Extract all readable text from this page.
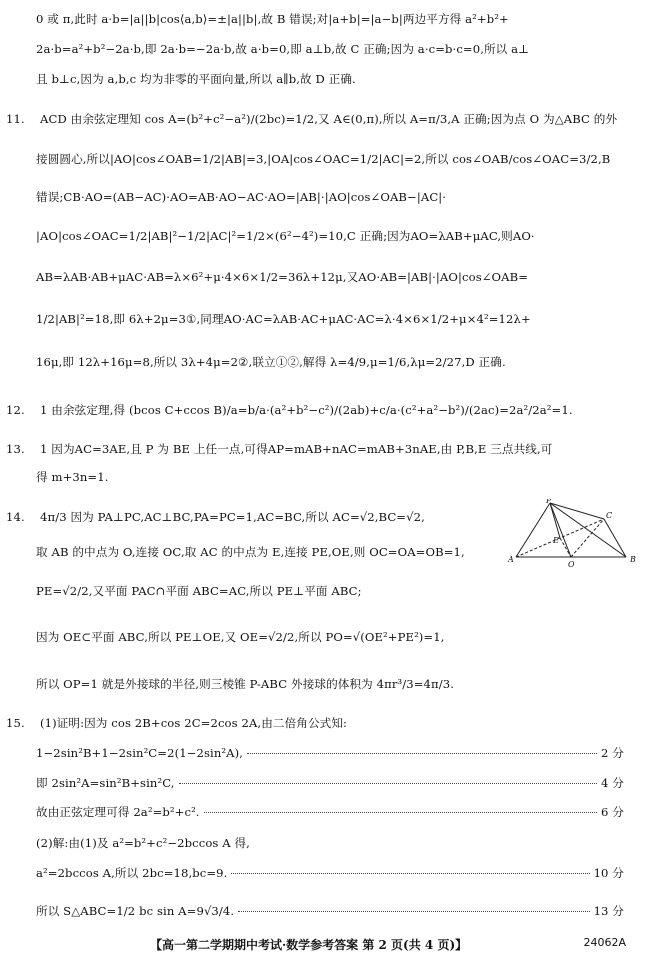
0 或 π,此时 a·b=|a||b|cos⟨a,b⟩=±|a||b|,故 B 错误;对|a+b|=|a−b|两边平方得 a²+b²+
2a·b=a²+b²−2a·b,即 2a·b=−2a·b,故 a·b=0,即 a⊥b,故 C 正确;因为 a·c=b·c=0,所以 a⊥
且 b⊥c,因为 a,b,c 均为非零的平面向量,所以 a∥b,故 D 正确.
11. ACD 由余弦定理知 cos A=(b²+c²−a²)/(2bc)=1/2,又 A∈(0,π),所以 A=π/3,A 正确;因为点 O 为△ABC 的外
接圆圆心,所以|AO|cos∠OAB=1/2|AB|=3,|OA|cos∠OAC=1/2|AC|=2,所以 cos∠OAB/cos∠OAC=3/2,B
错误;CB·AO=(AB−AC)·AO=AB·AO−AC·AO=|AB|·|AO|cos∠OAB−|AC|·
|AO|cos∠OAC=1/2|AB|²−1/2|AC|²=1/2×(6²−4²)=10,C 正确;因为AO=λAB+μAC,则AO·
AB=λAB·AB+μAC·AB=λ×6²+μ·4×6×1/2=36λ+12μ,又AO·AB=|AB|·|AO|cos∠OAB=
1/2|AB|²=18,即 6λ+2μ=3①,同理AO·AC=λAB·AC+μAC·AC=λ·4×6×1/2+μ×4²=12λ+
16μ,即 12λ+16μ=8,所以 3λ+4μ=2②,联立①②,解得 λ=4/9,μ=1/6,λμ=2/27,D 正确.
12. 1 由余弦定理,得 (bcos C+ccos B)/a=b/a·(a²+b²−c²)/(2ab)+c/a·(c²+a²−b²)/(2ac)=2a²/2a²=1.
13. 1 因为AC=3AE,且 P 为 BE 上任一点,可得AP=mAB+nAC=mAB+3nAE,由 P,B,E 三点共线,可
得 m+3n=1.
14. 4π/3 因为 PA⊥PC,AC⊥BC,PA=PC=1,AC=BC,所以 AC=√2,BC=√2,
取 AB 的中点为 O,连接 OC,取 AC 的中点为 E,连接 PE,OE,则 OC=OA=OB=1,
PE=√2/2,又平面 PAC∩平面 ABC=AC,所以 PE⊥平面 ABC;
因为 OE⊂平面 ABC,所以 PE⊥OE,又 OE=√2/2,所以 PO=√(OE²+PE²)=1,
所以 OP=1 就是外接球的半径,则三棱锥 P-ABC 外接球的体积为 4πr³/3=4π/3.
P
A	B
C
O
E
15. (1)证明:因为 cos 2B+cos 2C=2cos 2A,由二倍角公式知:
1−2sin²B+1−2sin²C=2(1−2sin²A),	2 分
即 2sin²A=sin²B+sin²C,	4 分
故由正弦定理可得 2a²=b²+c².	6 分
(2)解:由(1)及 a²=b²+c²−2bccos A 得,
a²=2bccos A,所以 2bc=18,bc=9.	10 分
所以 S△ABC=1/2 bc sin A=9√3/4.	13 分
【高一第二学期期中考试·数学参考答案 第 2 页(共 4 页)】	24062A
